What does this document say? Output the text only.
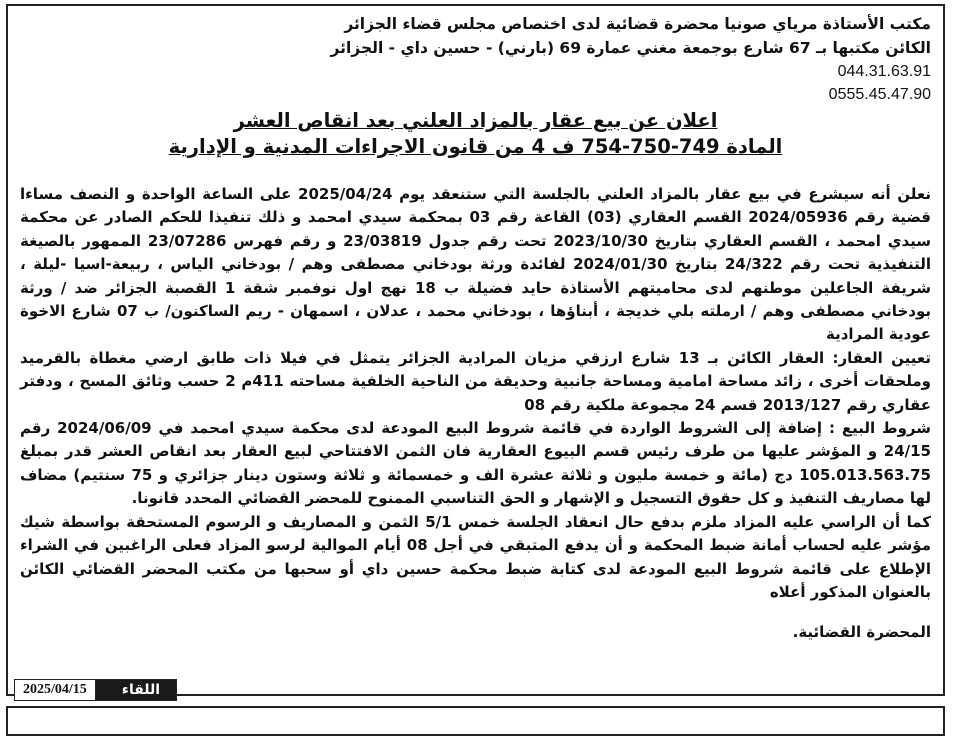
مكتب الأستاذة مرياي صونيا محضرة قضائية لدى اختصاص مجلس قضاء الجزائر
الكائن مكتبها بـ 67 شارع بوجمعة مغني عمارة 69 (بارني) - حسين داي - الجزائر
044.31.63.91
0555.45.47.90
اعلان عن بيع عقار بالمزاد العلني بعد انقاص العشر
المادة 749-750-754 ف 4 من قانون الاجراءات المدنية و الإدارية
نعلن أنه سيشرع في بيع عقار بالمزاد العلني بالجلسة التي ستنعقد يوم 2025/04/24 على الساعة الواحدة و النصف مساءا قضية رقم 2024/05936 القسم العقاري (03) القاعة رقم 03 بمحكمة سيدي امحمد و ذلك تنفيذا للحكم الصادر عن محكمة سيدي امحمد ، القسم العقاري بتاريخ 2023/10/30 تحت رقم جدول 23/03819 و رقم فهرس 23/07286 الممهور بالصيغة التنفيذية تحت رقم 24/322 بتاريخ 2024/01/30 لفائدة ورثة بودخاني مصطفى وهم / بودخاني الياس ، ربيعة-اسيا -ليلة ، شريفة الجاعلين موطنهم لدى محاميتهم الأستاذة حايد فضيلة ب 18 نهج اول نوفمبر شقة 1 القصبة الجزائر ضد / ورثة بودخاني مصطفى وهم / ارملته بلي خديجة ، أبناؤها ، بودخاني محمد ، عدلان ، اسمهان - ريم الساكنون/ ب 07 شارع الاخوة عودية المرادية
تعيين العقار: العقار الكائن بـ 13 شارع ارزقي مزيان المرادية الجزائر يتمثل في فيلا ذات طابق ارضي مغطاة بالقرميد وملحقات أخرى ، زائد مساحة امامية ومساحة جانبية وحديقة من الناحية الخلفية مساحته 411م 2 حسب وثائق المسح ، ودفتر عقاري رقم 2013/127 قسم 24 مجموعة ملكية رقم 08
شروط البيع : إضافة إلى الشروط الواردة في قائمة شروط البيع المودعة لدى محكمة سيدي امحمد في 2024/06/09 رقم 24/15 و المؤشر عليها من طرف رئيس قسم البيوع العقارية فان الثمن الافتتاحي لبيع العقار بعد انقاص العشر قدر بمبلغ 105.013.563.75 دج (مائة و خمسة مليون و ثلاثة عشرة الف و خمسمائة و ثلاثة وستون دينار جزائري و 75 سنتيم) مضاف لها مصاريف التنفيذ و كل حقوق التسجيل و الإشهار و الحق التناسبي الممنوح للمحضر القضائي المحدد قانونا.
كما أن الراسي عليه المزاد ملزم بدفع حال انعقاد الجلسة خمس 5/1 الثمن و المصاريف و الرسوم المستحقة بواسطة شيك مؤشر عليه لحساب أمانة ضبط المحكمة و أن يدفع المتبقي في أجل 08 أيام الموالية لرسو المزاد فعلى الراغبين في الشراء الإطلاع على قائمة شروط البيع المودعة لدى كتابة ضبط محكمة حسين داي أو سحبها من مكتب المحضر القضائي الكائن بالعنوان المذكور أعلاه
المحضرة القضائية.
2025/04/15	اللقاء
